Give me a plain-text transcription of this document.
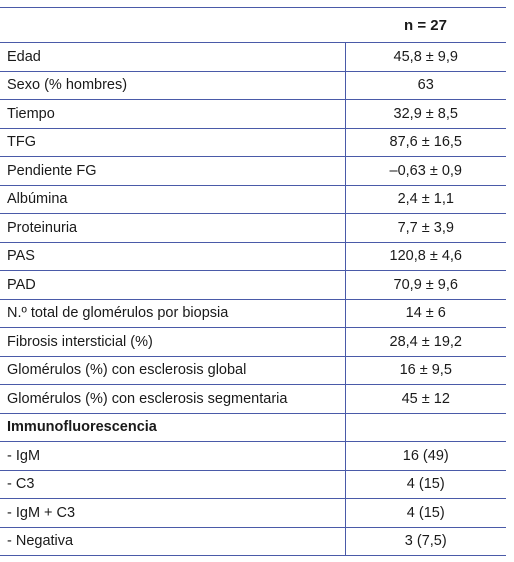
	n = 27
Edad	45,8 ± 9,9
Sexo (% hombres)	63
Tiempo	32,9 ± 8,5
TFG	87,6 ± 16,5
Pendiente FG	–0,63 ± 0,9
Albúmina	2,4 ± 1,1
Proteinuria	7,7 ± 3,9
PAS	120,8 ± 4,6
PAD	70,9 ± 9,6
N.º total de glomérulos por biopsia	14 ± 6
Fibrosis intersticial (%)	28,4 ± 19,2
Glomérulos (%) con esclerosis global	16 ± 9,5
Glomérulos (%) con esclerosis segmentaria	45 ± 12
Immunofluorescencia	
- IgM	16 (49)
- C3	4 (15)
- IgM + C3	4 (15)
- Negativa	3 (7,5)
